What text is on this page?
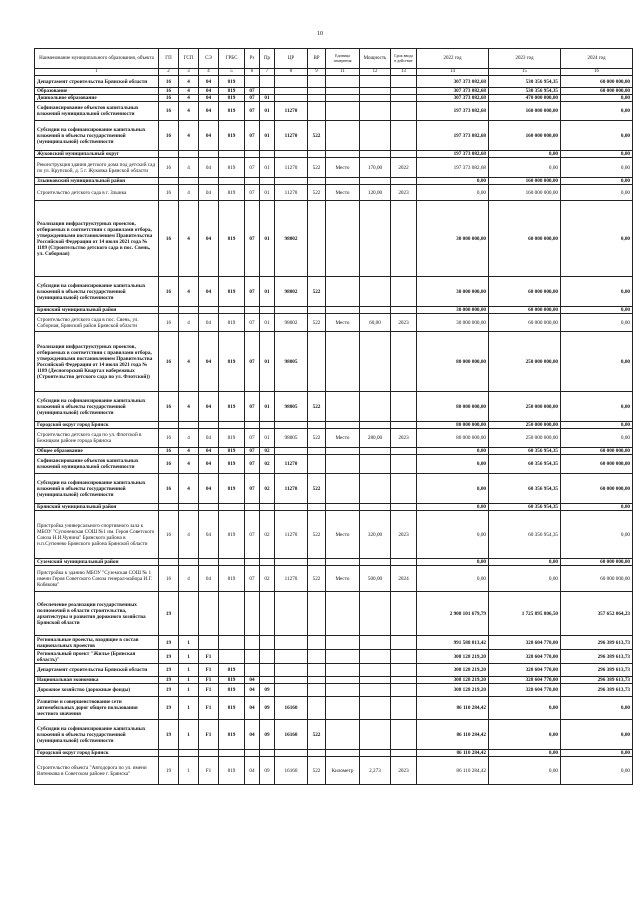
10
Наименование муниципального образования, объекта	ГП	ГСП	СЭ	ГРБС	Рз	Пр	ЦР	ВР	Единица измерения	Мощность	Срок ввода в действие	2022 год	2023 год	2024 год
1	2	3	4	5	6	7	8	9	11	12	13	14	15	16
Департамент строительства Брянской области	16	4	04	819								307 373 082,68	530 356 954,35	60 000 000,00
Образование	16	4	04	819	07							307 373 082,68	530 356 954,35	60 000 000,00
Дошкольное образование	16	4	04	819	07	01						307 373 082,68	470 000 000,00	0,00
Софинансирование объектов капитальных вложений муниципальной собственности	16	4	04	819	07	01	11270					197 373 082,68	160 000 000,00	0,00
Субсидии на софинансирование капитальных вложений в объекты государственной (муниципальной) собственности	16	4	04	819	07	01	11270	522				197 373 082,68	160 000 000,00	0,00
Жуковский муниципальный округ												197 373 082,68	0,00	0,00
Реконструкция здания детского дома под детский сад по ул. Крупской, д. 5 г. Жуковка Брянской области	16	4	04	819	07	01	11270	522	Место	170,00	2022	197 373 082,68	0,00	0,00
Злынковский муниципальный район												0,00	160 000 000,00	0,00
Строительство детского сада в г. Злынка	16	4	04	819	07	01	11270	522	Место	120,00	2023	0,00	160 000 000,00	0,00
Реализация инфраструктурных проектов, отбираемых в соответствии с правилами отбора, утвержденными постановлением Правительства Российской Федерации от 14 июля 2021 года № 1189 (Строительство детского сада в пос. Свень, ул. Соборная)	16	4	04	819	07	01	98002					30 000 000,00	60 000 000,00	0,00
Субсидии на софинансирование капитальных вложений в объекты государственной (муниципальной) собственности	16	4	04	819	07	01	98002	522				30 000 000,00	60 000 000,00	0,00
Брянский муниципальный район												30 000 000,00	60 000 000,00	0,00
Строительство детского сада в пос. Свень, ул. Соборная, Брянский район Брянской области	16	4	04	819	07	01	98002	522	Место	60,00	2023	30 000 000,00	60 000 000,00	0,00
Реализация инфраструктурных проектов, отбираемых в соответствии с правилами отбора, утвержденными постановлением Правительства Российской Федерации от 14 июля 2021 года № 1189 (Десногорский Квартал набережных (Строительство детского сада по ул. Флотской))	16	4	04	819	07	01	98005					80 000 000,00	250 000 000,00	0,00
Субсидии на софинансирование капитальных вложений в объекты государственной (муниципальной) собственности	16	4	04	819	07	01	98005	522				80 000 000,00	250 000 000,00	0,00
Городской округ город Брянск												80 000 000,00	250 000 000,00	0,00
Строительство детского сада по ул. Флотской в Бежицком районе города Брянска	16	4	04	819	07	01	98005	522	Место	280,00	2023	80 000 000,00	250 000 000,00	0,00
Общее образование	16	4	04	819	07	02						0,00	60 356 954,35	60 000 000,00
Софинансирование объектов капитальных вложений муниципальной собственности	16	4	04	819	07	02	11270					0,00	60 356 954,35	60 000 000,00
Субсидии на софинансирование капитальных вложений в объекты государственной (муниципальной) собственности	16	4	04	819	07	02	11270	522				0,00	60 356 954,35	60 000 000,00
Брянский муниципальный район												0,00	60 356 954,35	0,00
Пристройка универсального спортивного зала к МБОУ "Супоневская СОШ №1 им. Героя Советского Союза Н.И.Чунина" Брянского района в н.п.Супонево Брянского района Брянской области	16	4	04	819	07	02	11270	522	Место	320,00	2023	0,00	60 356 954,35	0,00
Суземский муниципальный район												0,00	0,00	60 000 000,00
Пристройка к зданию МБОУ "Суземская СОШ № 1 имени Героя Советского Союза генерал-майора И.Г. Кобякова"	16	4	04	819	07	02	11270	522	Место	500,00	2024	0,00	0,00	60 000 000,00
Обеспечение реализации государственных полномочий в области строительства, архитектуры и развития дорожного хозяйства Брянской области	19											2 908 101 679,79	1 725 895 806,50	357 652 064,23
Региональные проекты, входящие в состав национальных проектов	19	1										991 588 813,42	328 604 770,00	296 389 613,73
Региональный проект "Жилье (Брянская область)"	19	1	F1									308 128 219,20	328 604 770,00	296 389 613,73
Департамент строительства Брянской области	19	1	F1	819								308 128 219,20	328 604 770,00	296 389 613,73
Национальная экономика	19	1	F1	819	04							308 128 219,20	328 604 770,00	296 389 613,73
Дорожное хозяйство (дорожные фонды)	19	1	F1	819	04	09						308 128 219,20	328 604 770,00	296 389 613,73
Развитие и совершенствование сети автомобильных дорог общего пользования местного значения	19	1	F1	819	04	09	16160					86 110 284,42	0,00	0,00
Субсидии на софинансирование капитальных вложений в объекты государственной (муниципальной) собственности	19	1	F1	819	04	09	16160	522				86 110 284,42	0,00	0,00
Городской округ город Брянск												86 110 284,42	0,00	0,00
Строительство объекта "Автодорога по ул. имени Вятенкова в Советском районе г. Брянска"	19	1	F1	819	04	09	16160	522	Километр	2,273	2023	86 110 284,42	0,00	0,00
